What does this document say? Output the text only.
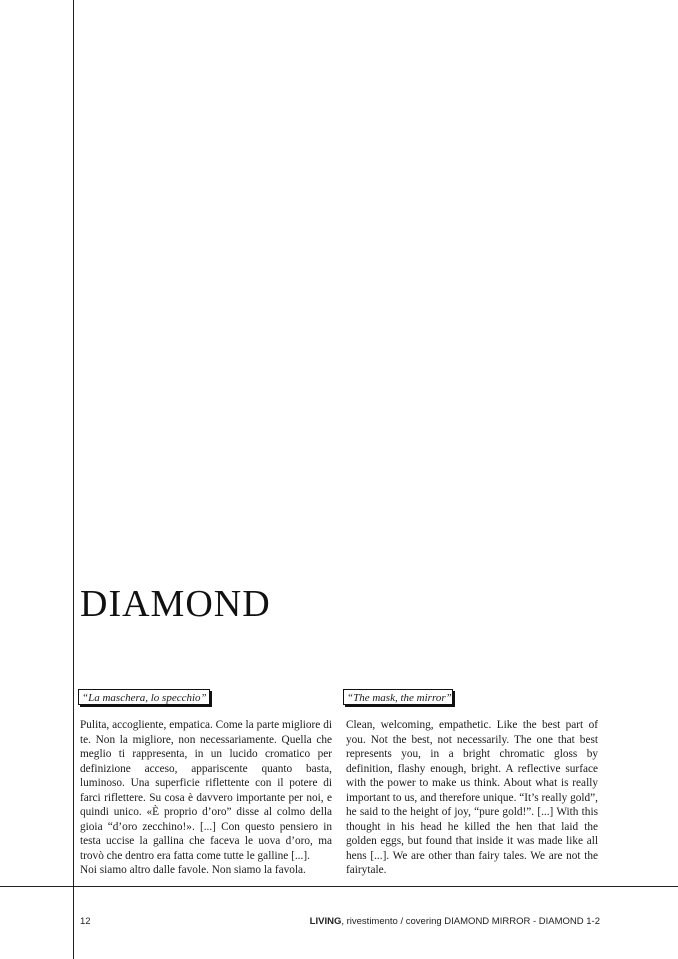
DIAMOND
“La maschera, lo specchio”	“The mask, the mirror”

Pulita, accogliente, empatica. Come la parte migliore di te. Non la migliore, non necessariamente. Quella che meglio ti rappresenta, in un lucido cromatico per definizione acceso, appariscente quanto basta, luminoso. Una superficie riflettente con il potere di farci riflettere. Su cosa è davvero importante per noi, e quindi unico. «È proprio d’oro” disse al colmo della gioia “d’oro zecchino!». [...] Con questo pensiero in testa uccise la gallina che faceva le uova d’oro, ma trovò che dentro era fatta come tutte le galline [...].

Noi siamo altro dalle favole. Non siamo la favola.

Clean, welcoming, empathetic. Like the best part of you. Not the best, not necessarily. The one that best represents you, in a bright chromatic gloss by definition, flashy enough, bright. A reflective surface with the power to make us think. About what is really important to us, and therefore unique. “It’s really gold”, he said to the height of joy, “pure gold!”. [...] With this thought in his head he killed the hen that laid the golden eggs, but found that inside it was made like all hens [...]. We are other than fairy tales. We are not the fairytale.

12	LIVING, rivestimento / covering DIAMOND MIRROR - DIAMOND 1-2
